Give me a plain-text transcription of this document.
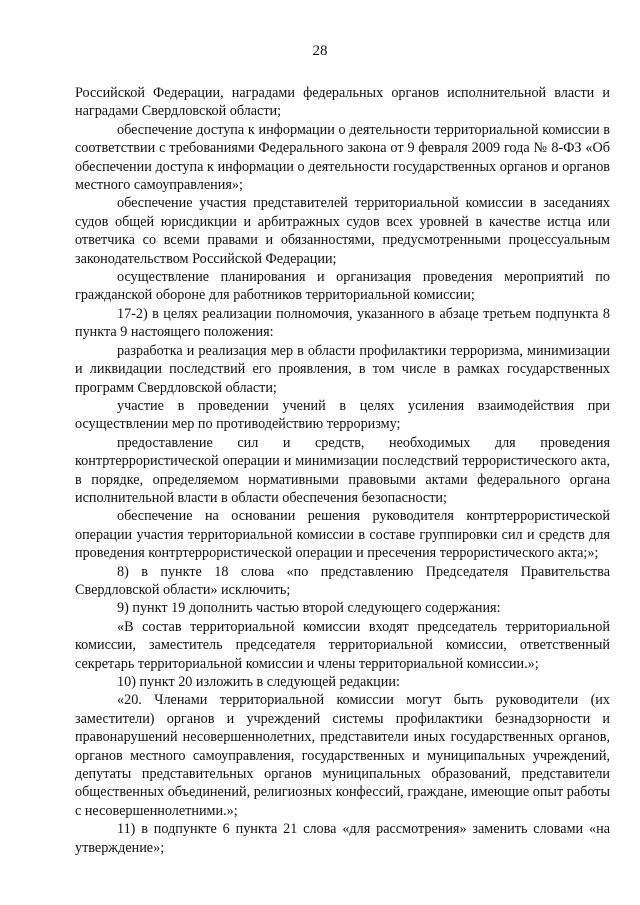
28

Российской Федерации, наградами федеральных органов исполнительной власти и наградами Свердловской области;

обеспечение доступа к информации о деятельности территориальной комиссии в соответствии с требованиями Федерального закона от 9 февраля 2009 года № 8-ФЗ «Об обеспечении доступа к информации о деятельности государственных органов и органов местного самоуправления»;

обеспечение участия представителей территориальной комиссии в заседаниях судов общей юрисдикции и арбитражных судов всех уровней в качестве истца или ответчика со всеми правами и обязанностями, предусмотренными процессуальным законодательством Российской Федерации;

осуществление планирования и организация проведения мероприятий по гражданской обороне для работников территориальной комиссии;

17-2) в целях реализации полномочия, указанного в абзаце третьем подпункта 8 пункта 9 настоящего положения:

разработка и реализация мер в области профилактики терроризма, минимизации и ликвидации последствий его проявления, в том числе в рамках государственных программ Свердловской области;

участие в проведении учений в целях усиления взаимодействия при осуществлении мер по противодействию терроризму;

предоставление сил и средств, необходимых для проведения контртеррористической операции и минимизации последствий террористического акта, в порядке, определяемом нормативными правовыми актами федерального органа исполнительной власти в области обеспечения безопасности;

обеспечение на основании решения руководителя контртеррористической операции участия территориальной комиссии в составе группировки сил и средств для проведения контртеррористической операции и пресечения террористического акта;»;

8) в пункте 18 слова «по представлению Председателя Правительства Свердловской области» исключить;

9) пункт 19 дополнить частью второй следующего содержания:

«В состав территориальной комиссии входят председатель территориальной комиссии, заместитель председателя территориальной комиссии, ответственный секретарь территориальной комиссии и члены территориальной комиссии.»;

10) пункт 20 изложить в следующей редакции:

«20. Членами территориальной комиссии могут быть руководители (их заместители) органов и учреждений системы профилактики безнадзорности и правонарушений несовершеннолетних, представители иных государственных органов, органов местного самоуправления, государственных и муниципальных учреждений, депутаты представительных органов муниципальных образований, представители общественных объединений, религиозных конфессий, граждане, имеющие опыт работы с несовершеннолетними.»;

11) в подпункте 6 пункта 21 слова «для рассмотрения» заменить словами «на утверждение»;
